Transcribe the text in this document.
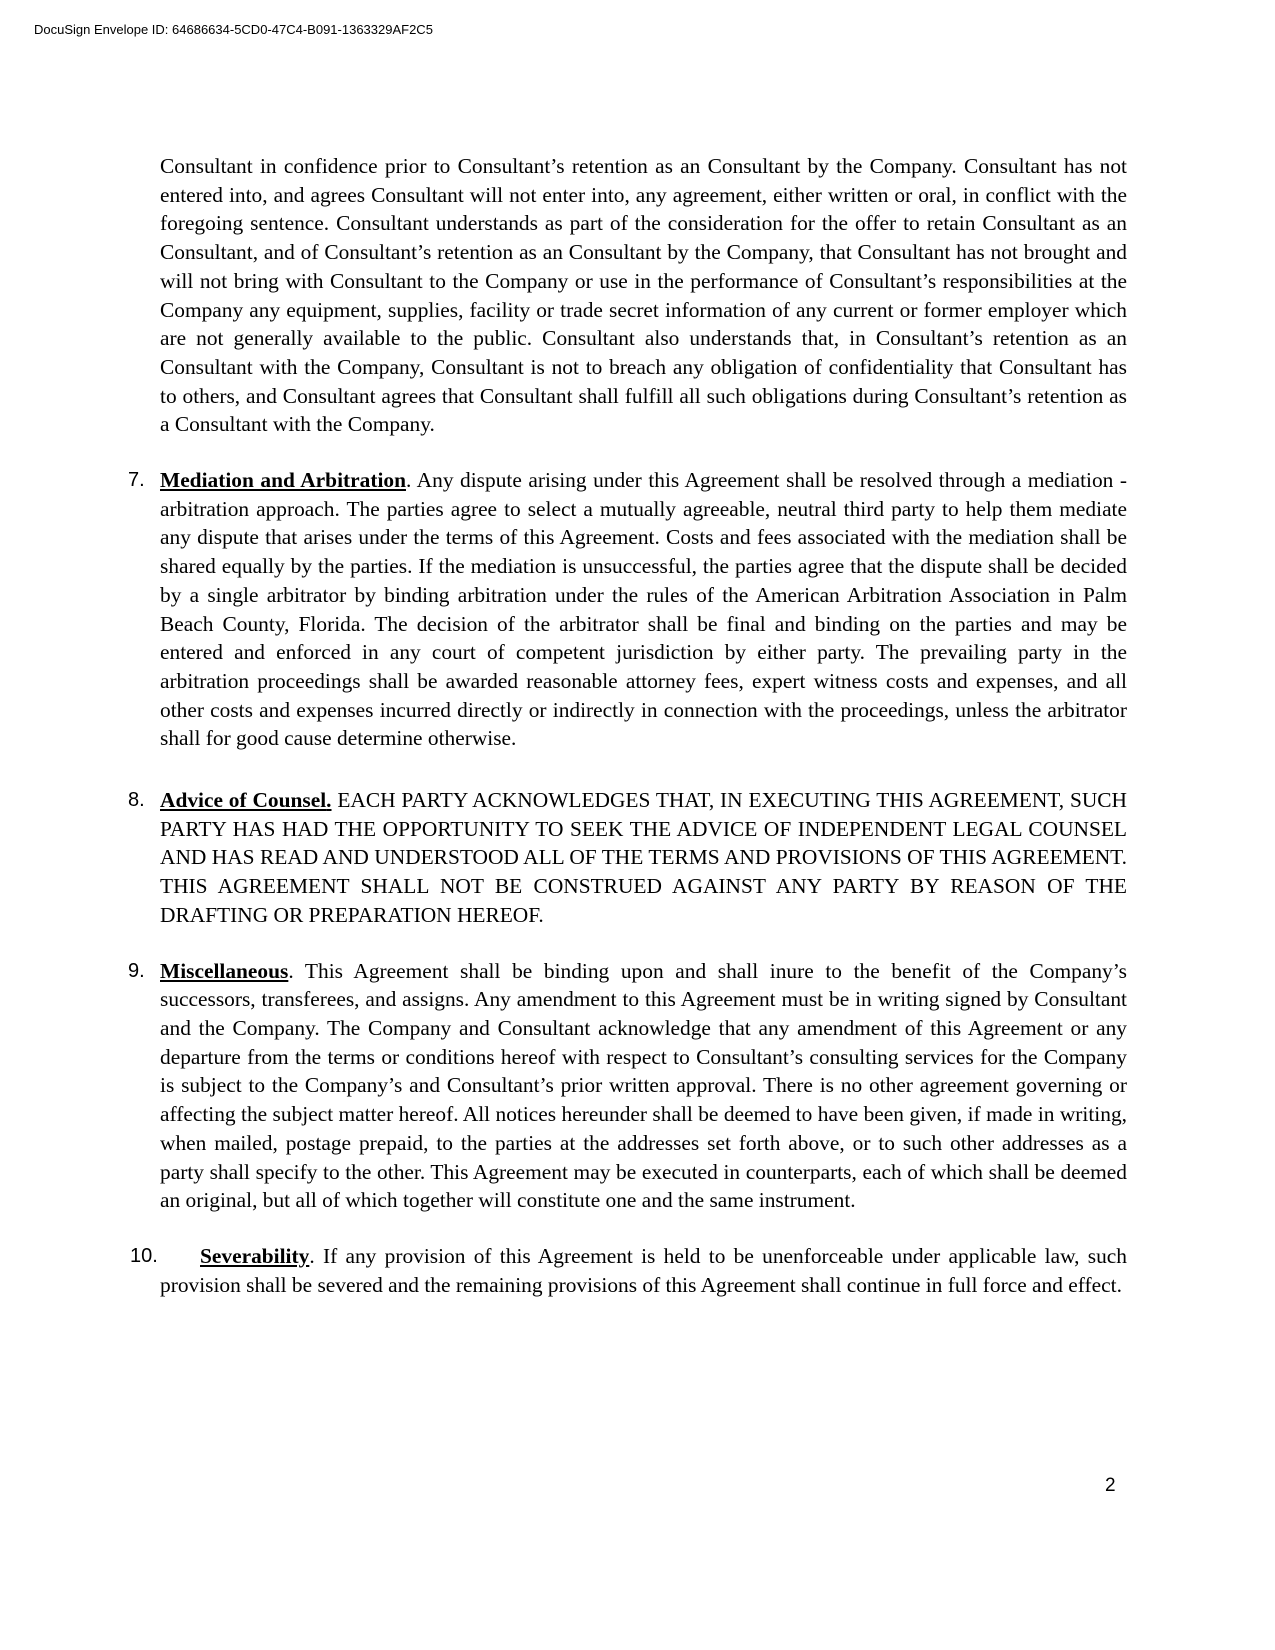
DocuSign Envelope ID: 64686634-5CD0-47C4-B091-1363329AF2C5

Consultant in confidence prior to Consultant’s retention as an Consultant by the Company. Consultant has not entered into, and agrees Consultant will not enter into, any agreement, either written or oral, in conflict with the foregoing sentence. Consultant understands as part of the consideration for the offer to retain Consultant as an Consultant, and of Consultant’s retention as an Consultant by the Company, that Consultant has not brought and will not bring with Consultant to the Company or use in the performance of Consultant’s responsibilities at the Company any equipment, supplies, facility or trade secret information of any current or former employer which are not generally available to the public. Consultant also understands that, in Consultant’s retention as an Consultant with the Company, Consultant is not to breach any obligation of confidentiality that Consultant has to others, and Consultant agrees that Consultant shall fulfill all such obligations during Consultant’s retention as a Consultant with the Company.

7. Mediation and Arbitration. Any dispute arising under this Agreement shall be resolved through a mediation - arbitration approach. The parties agree to select a mutually agreeable, neutral third party to help them mediate any dispute that arises under the terms of this Agreement. Costs and fees associated with the mediation shall be shared equally by the parties. If the mediation is unsuccessful, the parties agree that the dispute shall be decided by a single arbitrator by binding arbitration under the rules of the American Arbitration Association in Palm Beach County, Florida. The decision of the arbitrator shall be final and binding on the parties and may be entered and enforced in any court of competent jurisdiction by either party. The prevailing party in the arbitration proceedings shall be awarded reasonable attorney fees, expert witness costs and expenses, and all other costs and expenses incurred directly or indirectly in connection with the proceedings, unless the arbitrator shall for good cause determine otherwise.

8. Advice of Counsel. EACH PARTY ACKNOWLEDGES THAT, IN EXECUTING THIS AGREEMENT, SUCH PARTY HAS HAD THE OPPORTUNITY TO SEEK THE ADVICE OF INDEPENDENT LEGAL COUNSEL AND HAS READ AND UNDERSTOOD ALL OF THE TERMS AND PROVISIONS OF THIS AGREEMENT. THIS AGREEMENT SHALL NOT BE CONSTRUED AGAINST ANY PARTY BY REASON OF THE DRAFTING OR PREPARATION HEREOF.

9. Miscellaneous. This Agreement shall be binding upon and shall inure to the benefit of the Company’s successors, transferees, and assigns. Any amendment to this Agreement must be in writing signed by Consultant and the Company. The Company and Consultant acknowledge that any amendment of this Agreement or any departure from the terms or conditions hereof with respect to Consultant’s consulting services for the Company is subject to the Company’s and Consultant’s prior written approval. There is no other agreement governing or affecting the subject matter hereof. All notices hereunder shall be deemed to have been given, if made in writing, when mailed, postage prepaid, to the parties at the addresses set forth above, or to such other addresses as a party shall specify to the other. This Agreement may be executed in counterparts, each of which shall be deemed an original, but all of which together will constitute one and the same instrument.

10.	Severability. If any provision of this Agreement is held to be unenforceable under applicable law, such provision shall be severed and the remaining provisions of this Agreement shall continue in full force and effect.

2
